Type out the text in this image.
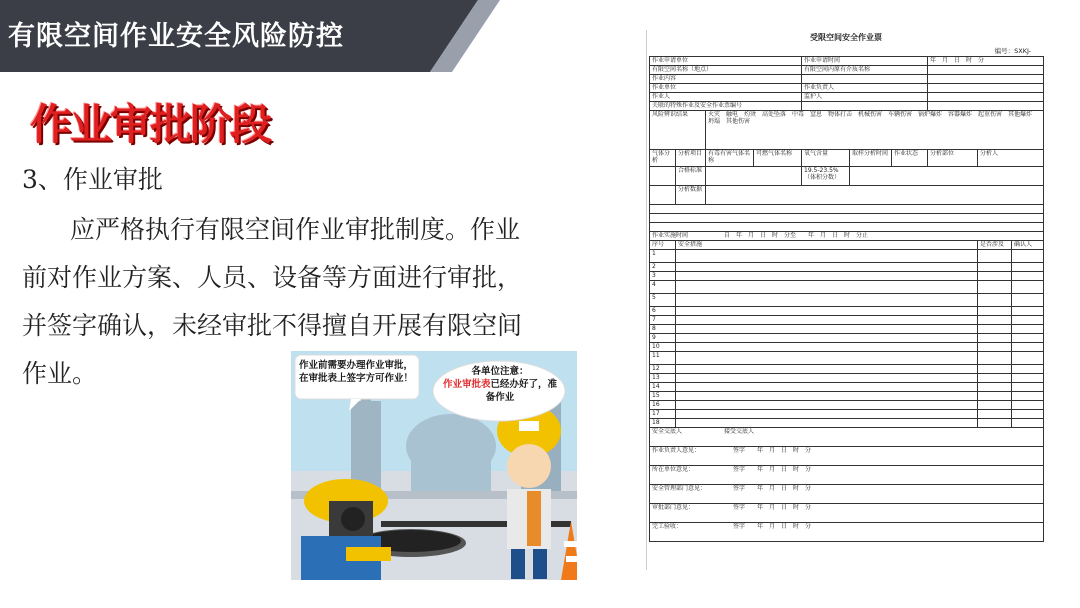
有限空间作业安全风险防控
作业审批阶段
3、作业审批
应严格执行有限空间作业审批制度。作业前对作业方案、人员、设备等方面进行审批，并签字确认，未经审批不得擅自开展有限空间作业。	作业前需要办理作业审批，在审批表上签字方可作业！
各单位注意：
作业审批表已经办好了，准备作业
受限空间安全作业票
编号：SXKJ-
作业申请单位				作业申请时间			年　月　日　时　分		
有限空间名称（地点）				有限空间内原有介质名称					
作业内容									
作业单位				作业负责人					
作业人				监护人					
关联的特殊作业及安全作业票编号									
风险辨识结果		火灾　触电　灼烫　高处坠落　中毒　窒息　物体打击　机械伤害　车辆伤害　锅炉爆炸　容器爆炸　起重伤害　其他爆炸　坍塌　其他伤害							
气体分析	分析项目	有毒有害气体名称	可燃气体名称	氧气含量	取样分析时间	作业状态	分析部位	分析人	
	合格标准			19.5-23.5%（体积分数）					
	分析数据								

作业实施时间　　　　　　自　年　月　日　时　分至　　年　月　日　时　分止									
序号	安全措施							是否涉及	确认人
1									
2									
3									
4									
5									
6									
7									
8									
9									
10									
11									
12									
13									
14									
15									
16									
17									
18									
安全交底人　　　　　　　接受交底人									
作业负责人意见：　　　　　　签字　　年　月　日　时　分									
所在单位意见：　　　　　　　签字　　年　月　日　时　分									
安全管理部门意见：　　　　　签字　　年　月　日　时　分									
审批部门意见：　　　　　　　签字　　年　月　日　时　分									
完工验收：　　　　　　　　　签字　　年　月　日　时　分									
